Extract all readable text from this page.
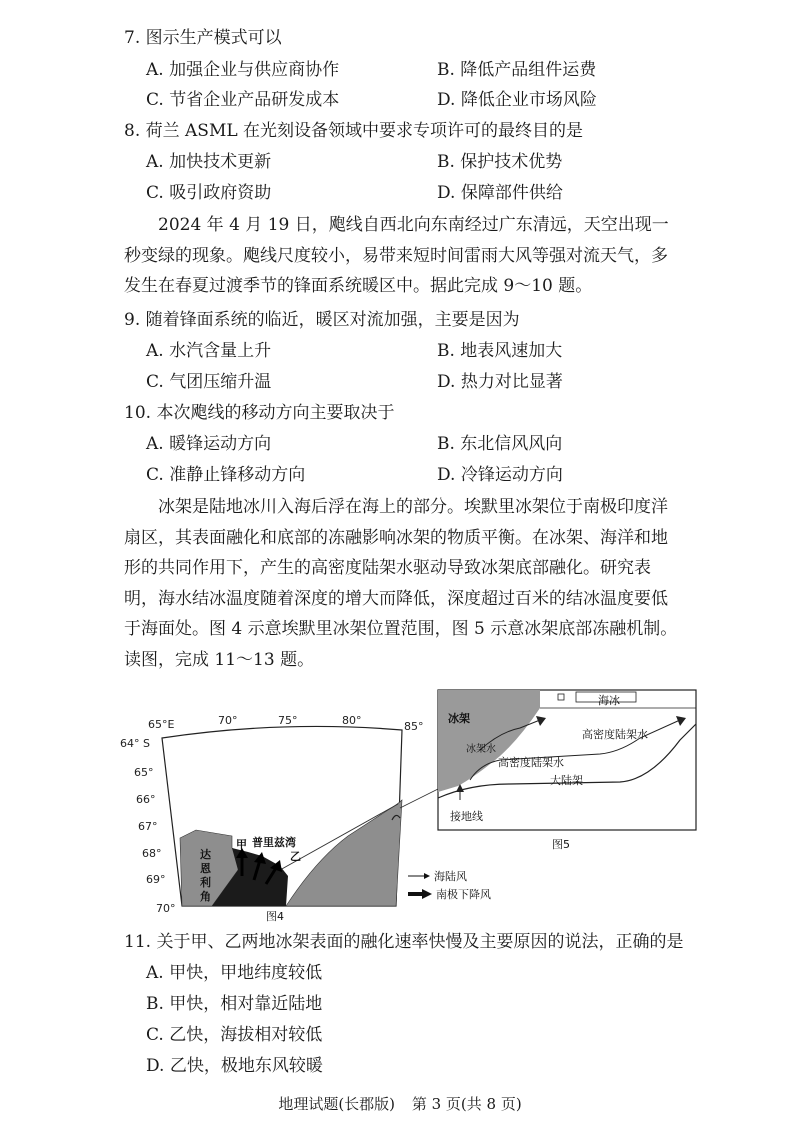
7. 图示生产模式可以
A. 加强企业与供应商协作	B. 降低产品组件运费
C. 节省企业产品研发成本	D. 降低企业市场风险
8. 荷兰 ASML 在光刻设备领域中要求专项许可的最终目的是
A. 加快技术更新	B. 保护技术优势
C. 吸引政府资助	D. 保障部件供给
2024 年 4 月 19 日，飑线自西北向东南经过广东清远，天空出现一秒变绿的现象。飑线尺度较小，易带来短时间雷雨大风等强对流天气，多发生在春夏过渡季节的锋面系统暖区中。据此完成 9～10 题。
9. 随着锋面系统的临近，暖区对流加强，主要是因为
A. 水汽含量上升	B. 地表风速加大
C. 气团压缩升温	D. 热力对比显著
10. 本次飑线的移动方向主要取决于
A. 暖锋运动方向	B. 东北信风风向
C. 准静止锋移动方向	D. 冷锋运动方向
冰架是陆地冰川入海后浮在海上的部分。埃默里冰架位于南极印度洋扇区，其表面融化和底部的冻融影响冰架的物质平衡。在冰架、海洋和地形的共同作用下，产生的高密度陆架水驱动导致冰架底部融化。研究表明，海水结冰温度随着深度的增大而降低，深度超过百米的结冰温度要低于海面处。图 4 示意埃默里冰架位置范围，图 5 示意冰架底部冻融机制。读图，完成 11～13 题。
65°E	70°	75°	80°	85°
64° S
65°
66°
67°
68°
69°
70°
普里兹湾
甲
乙
达
恩
利
角
图4
海陆风
南极下降风
海冰
冰架
冰架水
高密度陆架水
高密度陆架水
大陆架
接地线
图5
11. 关于甲、乙两地冰架表面的融化速率快慢及主要原因的说法，正确的是
A. 甲快，甲地纬度较低
B. 甲快，相对靠近陆地
C. 乙快，海拔相对较低
D. 乙快，极地东风较暖
地理试题(长郡版) 第 3 页(共 8 页)
